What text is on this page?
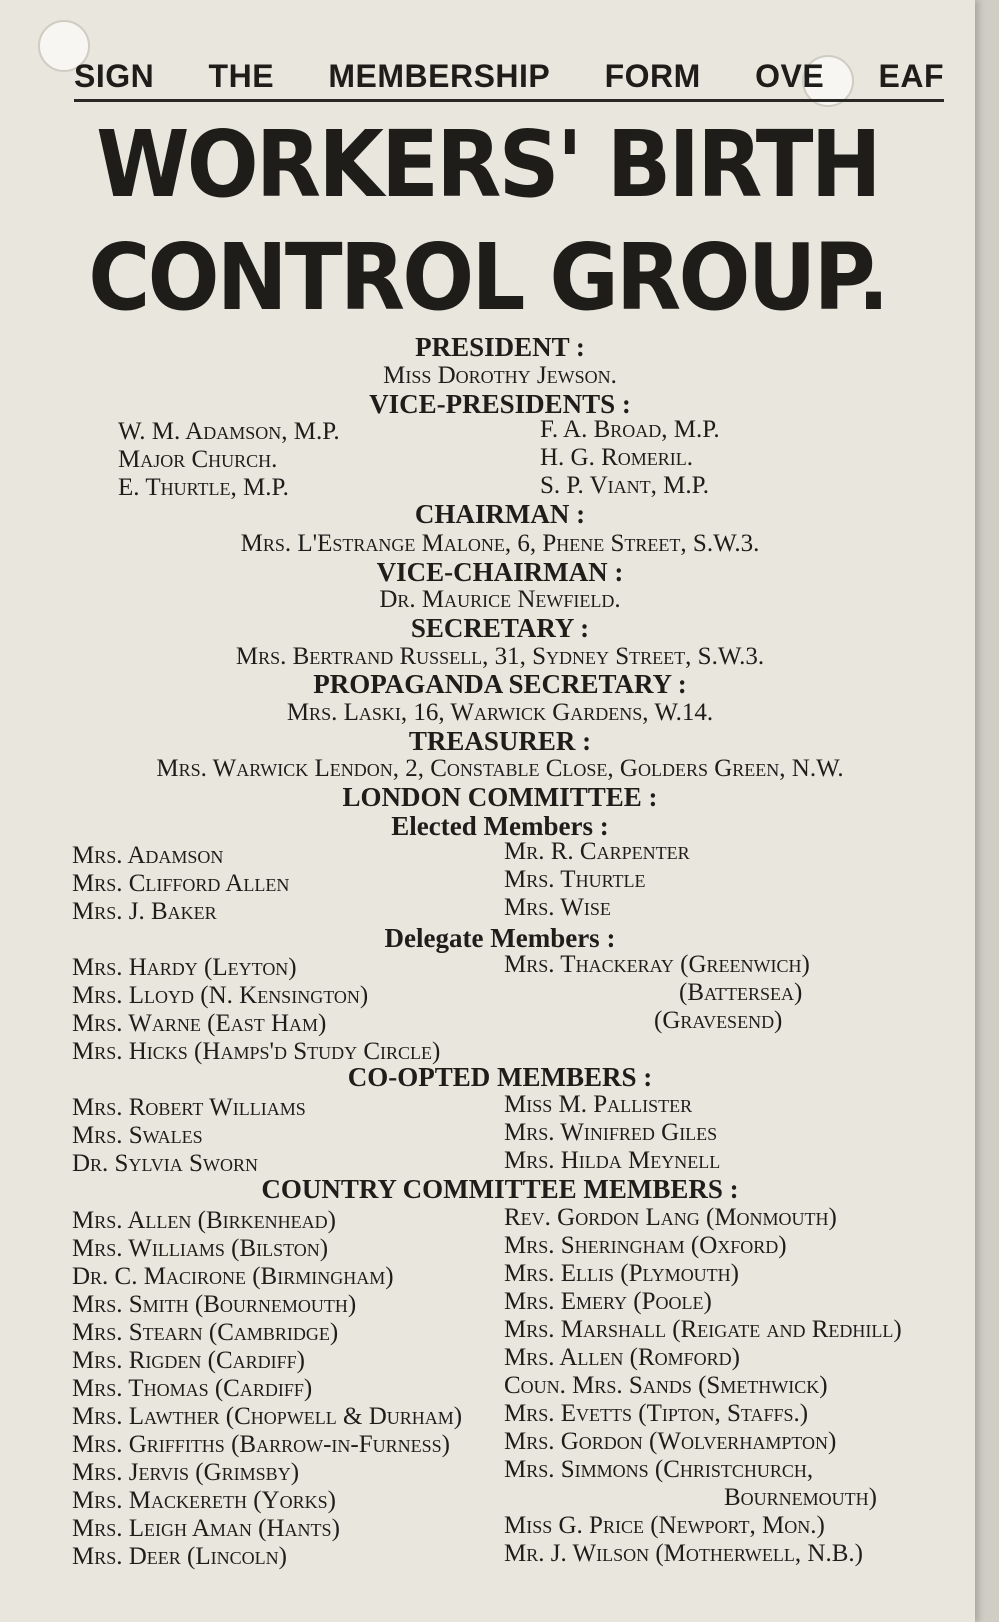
SIGN THE MEMBERSHIP FORM OVE EAF
WORKERS' BIRTH
CONTROL GROUP.
PRESIDENT :
Miss Dorothy Jewson.
VICE-PRESIDENTS :
W. M. Adamson, M.P.
Major Church.
E. Thurtle, M.P.
F. A. Broad, M.P.
H. G. Romeril.
S. P. Viant, M.P.
CHAIRMAN :
Mrs. L'Estrange Malone, 6, Phene Street, S.W.3.
VICE-CHAIRMAN :
Dr. Maurice Newfield.
SECRETARY :
Mrs. Bertrand Russell, 31, Sydney Street, S.W.3.
PROPAGANDA SECRETARY :
Mrs. Laski, 16, Warwick Gardens, W.14.
TREASURER :
Mrs. Warwick Lendon, 2, Constable Close, Golders Green, N.W.
LONDON COMMITTEE :
Elected Members :
Mrs. Adamson
Mrs. Clifford Allen
Mrs. J. Baker
Mr. R. Carpenter
Mrs. Thurtle
Mrs. Wise
Delegate Members :
Mrs. Hardy (Leyton)
Mrs. Lloyd (N. Kensington)
Mrs. Warne (East Ham)
Mrs. Hicks (Hamps'd Study Circle)
Mrs. Thackeray (Greenwich)
(Battersea)
(Gravesend)
CO-OPTED MEMBERS :
Mrs. Robert Williams
Mrs. Swales
Dr. Sylvia Sworn
Miss M. Pallister
Mrs. Winifred Giles
Mrs. Hilda Meynell
COUNTRY COMMITTEE MEMBERS :
Mrs. Allen (Birkenhead)
Mrs. Williams (Bilston)
Dr. C. Macirone (Birmingham)
Mrs. Smith (Bournemouth)
Mrs. Stearn (Cambridge)
Mrs. Rigden (Cardiff)
Mrs. Thomas (Cardiff)
Mrs. Lawther (Chopwell & Durham)
Mrs. Griffiths (Barrow-in-Furness)
Mrs. Jervis (Grimsby)
Mrs. Mackereth (Yorks)
Mrs. Leigh Aman (Hants)
Mrs. Deer (Lincoln)
Rev. Gordon Lang (Monmouth)
Mrs. Sheringham (Oxford)
Mrs. Ellis (Plymouth)
Mrs. Emery (Poole)
Mrs. Marshall (Reigate and Redhill)
Mrs. Allen (Romford)
Coun. Mrs. Sands (Smethwick)
Mrs. Evetts (Tipton, Staffs.)
Mrs. Gordon (Wolverhampton)
Mrs. Simmons (Christchurch,
Bournemouth)
Miss G. Price (Newport, Mon.)
Mr. J. Wilson (Motherwell, N.B.)
